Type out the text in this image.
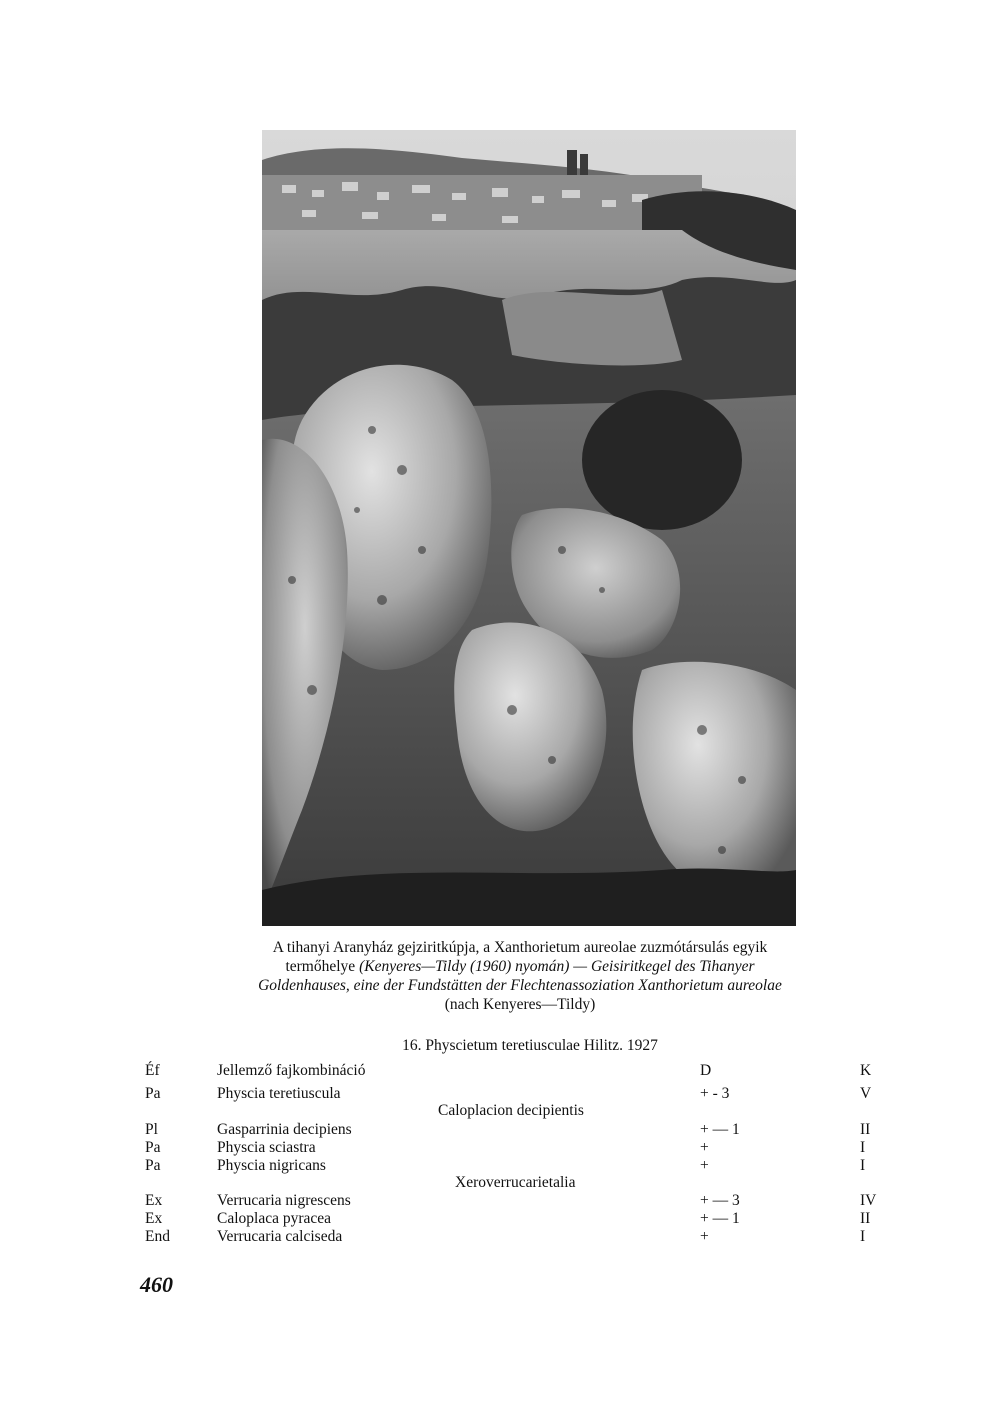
A tihanyi Aranyház gejziritkúpja, a Xanthorietum aureolae zuzmótársulás egyik
termőhelye (Kenyeres—Tildy (1960) nyomán) — Geisiritkegel des Tihanyer
Goldenhauses, eine der Fundstätten der Flechtenassoziation Xanthorietum aureolae
(nach Kenyeres—Tildy)
16. Physcietum teretiusculae Hilitz. 1927
Éf	Jellemző fajkombináció	D	K
Pa	Physcia teretiuscula	+ - 3	V
Caloplacion decipientis
Pl	Gasparrinia decipiens	+ — 1	II
Pa	Physcia sciastra	+	I
Pa	Physcia nigricans	+	I
Xeroverrucarietalia
Ex	Verrucaria nigrescens	+ — 3	IV
Ex	Caloplaca pyracea	+ — 1	II
End	Verrucaria calciseda	+	I
460
